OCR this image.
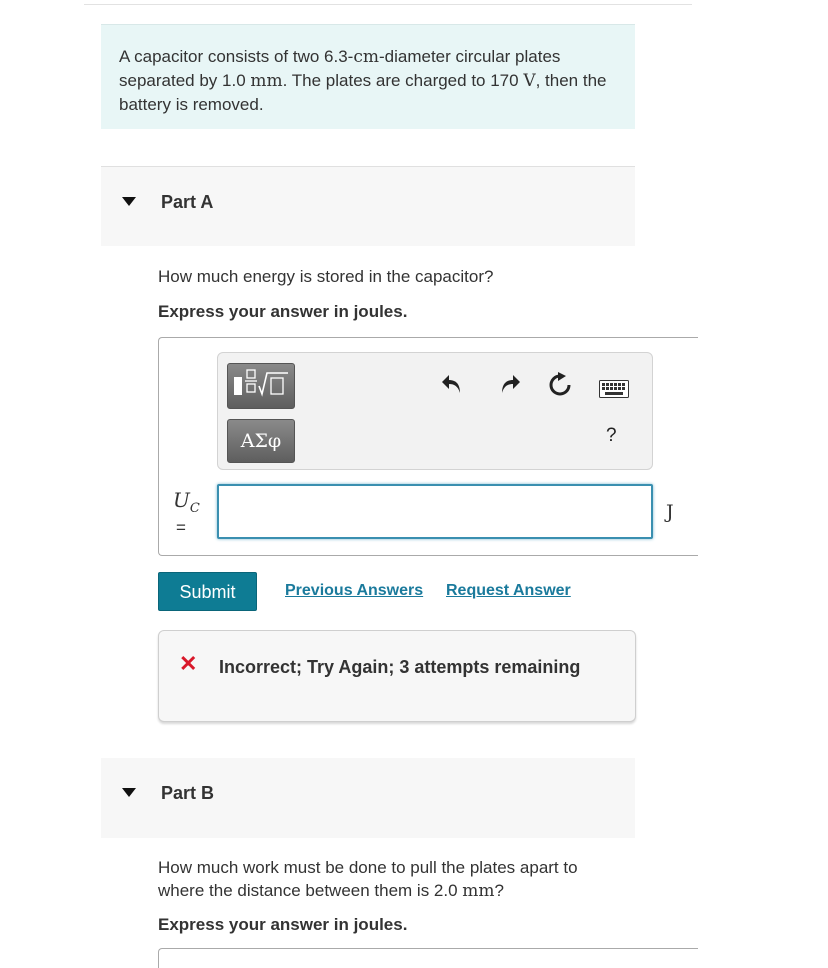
A capacitor consists of two 6.3-cm-diameter circular plates separated by 1.0 mm. The plates are charged to 170 V, then the battery is removed.
Part A
How much energy is stored in the capacitor?
Express your answer in joules.
ΑΣφ	?
$U_C$
=
J
Submit	Previous Answers Request Answer
✕	Incorrect; Try Again; 3 attempts remaining
Part B
How much work must be done to pull the plates apart to where the distance between them is 2.0 mm?
Express your answer in joules.
